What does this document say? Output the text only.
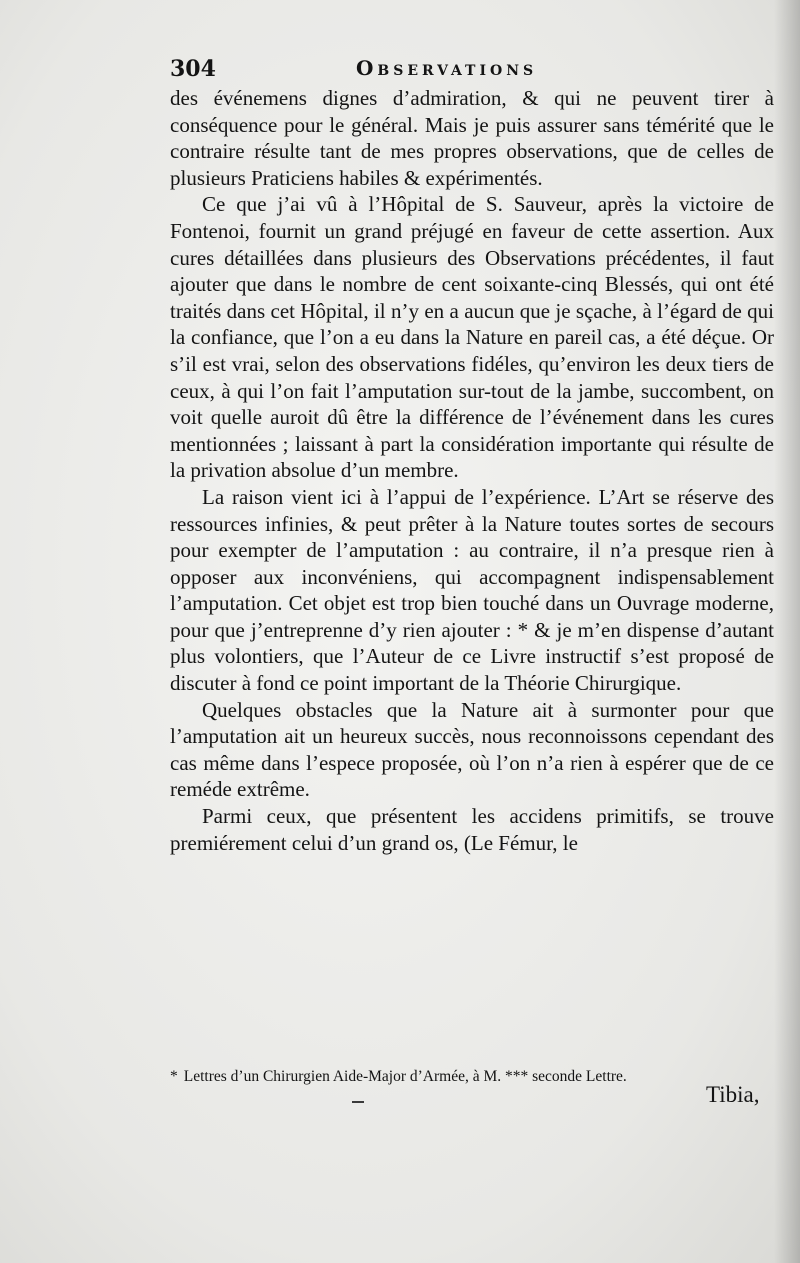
304	Observations

des événemens dignes d’admiration, & qui ne peuvent tirer à conséquence pour le général. Mais je puis assurer sans témérité que le contraire résulte tant de mes propres observations, que de celles de plusieurs Praticiens habiles & expérimentés.

Ce que j’ai vû à l’Hôpital de S. Sauveur, après la victoire de Fontenoi, fournit un grand préjugé en faveur de cette assertion. Aux cures détaillées dans plusieurs des Observations précédentes, il faut ajouter que dans le nombre de cent soixante-cinq Blessés, qui ont été traités dans cet Hôpital, il n’y en a aucun que je sçache, à l’égard de qui la confiance, que l’on a eu dans la Nature en pareil cas, a été déçue. Or s’il est vrai, selon des observations fidéles, qu’environ les deux tiers de ceux, à qui l’on fait l’amputation sur-tout de la jambe, succombent, on voit quelle auroit dû être la différence de l’événement dans les cures mentionnées ; laissant à part la considération importante qui résulte de la privation absolue d’un membre.

La raison vient ici à l’appui de l’expérience. L’Art se réserve des ressources infinies, & peut prêter à la Nature toutes sortes de secours pour exempter de l’amputation : au contraire, il n’a presque rien à opposer aux inconvéniens, qui accompagnent indispensablement l’amputation. Cet objet est trop bien touché dans un Ouvrage moderne, pour que j’entreprenne d’y rien ajouter : * & je m’en dispense d’autant plus volontiers, que l’Auteur de ce Livre instructif s’est proposé de discuter à fond ce point important de la Théorie Chirurgique.

Quelques obstacles que la Nature ait à surmonter pour que l’amputation ait un heureux succès, nous reconnoissons cependant des cas même dans l’espece proposée, où l’on n’a rien à espérer que de ce reméde extrême.

Parmi ceux, que présentent les accidens primitifs, se trouve premiérement celui d’un grand os, (Le Fémur, le

* Lettres d’un Chirurgien Aide-Major d’Armée, à M. *** seconde Lettre.
Tibia,
